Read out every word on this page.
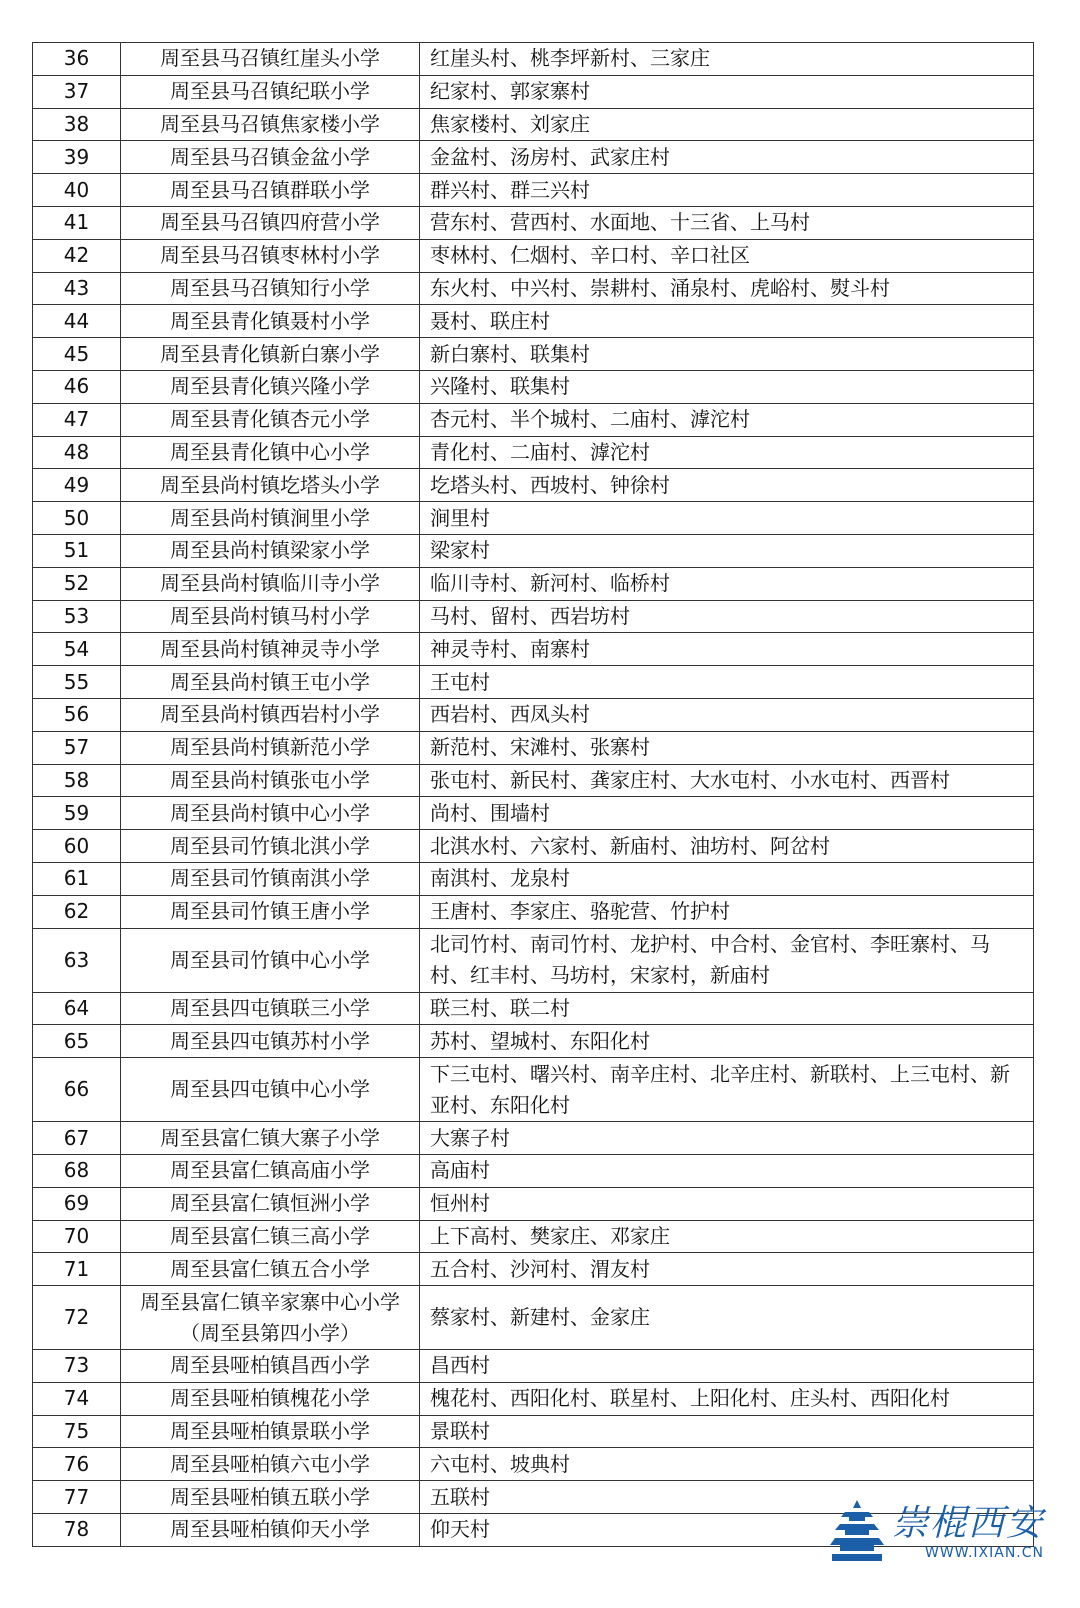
36	周至县马召镇红崖头小学	红崖头村、桃李坪新村、三家庄
37	周至县马召镇纪联小学	纪家村、郭家寨村
38	周至县马召镇焦家楼小学	焦家楼村、刘家庄
39	周至县马召镇金盆小学	金盆村、汤房村、武家庄村
40	周至县马召镇群联小学	群兴村、群三兴村
41	周至县马召镇四府营小学	营东村、营西村、水面地、十三省、上马村
42	周至县马召镇枣林村小学	枣林村、仁烟村、辛口村、辛口社区
43	周至县马召镇知行小学	东火村、中兴村、崇耕村、涌泉村、虎峪村、熨斗村
44	周至县青化镇聂村小学	聂村、联庄村
45	周至县青化镇新白寨小学	新白寨村、联集村
46	周至县青化镇兴隆小学	兴隆村、联集村
47	周至县青化镇杏元小学	杏元村、半个城村、二庙村、滹沱村
48	周至县青化镇中心小学	青化村、二庙村、滹沱村
49	周至县尚村镇圪塔头小学	圪塔头村、西坡村、钟徐村
50	周至县尚村镇涧里小学	涧里村
51	周至县尚村镇梁家小学	梁家村
52	周至县尚村镇临川寺小学	临川寺村、新河村、临桥村
53	周至县尚村镇马村小学	马村、留村、西岩坊村
54	周至县尚村镇神灵寺小学	神灵寺村、南寨村
55	周至县尚村镇王屯小学	王屯村
56	周至县尚村镇西岩村小学	西岩村、西凤头村
57	周至县尚村镇新范小学	新范村、宋滩村、张寨村
58	周至县尚村镇张屯小学	张屯村、新民村、龚家庄村、大水屯村、小水屯村、西晋村
59	周至县尚村镇中心小学	尚村、围墙村
60	周至县司竹镇北淇小学	北淇水村、六家村、新庙村、油坊村、阿岔村
61	周至县司竹镇南淇小学	南淇村、龙泉村
62	周至县司竹镇王唐小学	王唐村、李家庄、骆驼营、竹护村
63	周至县司竹镇中心小学	北司竹村、南司竹村、龙护村、中合村、金官村、李旺寨村、马村、红丰村、马坊村，宋家村，新庙村
64	周至县四屯镇联三小学	联三村、联二村
65	周至县四屯镇苏村小学	苏村、望城村、东阳化村
66	周至县四屯镇中心小学	下三屯村、曙兴村、南辛庄村、北辛庄村、新联村、上三屯村、新亚村、东阳化村
67	周至县富仁镇大寨子小学	大寨子村
68	周至县富仁镇高庙小学	高庙村
69	周至县富仁镇恒洲小学	恒州村
70	周至县富仁镇三高小学	上下高村、樊家庄、邓家庄
71	周至县富仁镇五合小学	五合村、沙河村、渭友村
72	周至县富仁镇辛家寨中心小学（周至县第四小学）	蔡家村、新建村、金家庄
73	周至县哑柏镇昌西小学	昌西村
74	周至县哑柏镇槐花小学	槐花村、西阳化村、联星村、上阳化村、庄头村、西阳化村
75	周至县哑柏镇景联小学	景联村
76	周至县哑柏镇六屯小学	六屯村、坡典村
77	周至县哑柏镇五联小学	五联村
78	周至县哑柏镇仰天小学	仰天村	崇棍西安
WWW.IXIAN.CN
